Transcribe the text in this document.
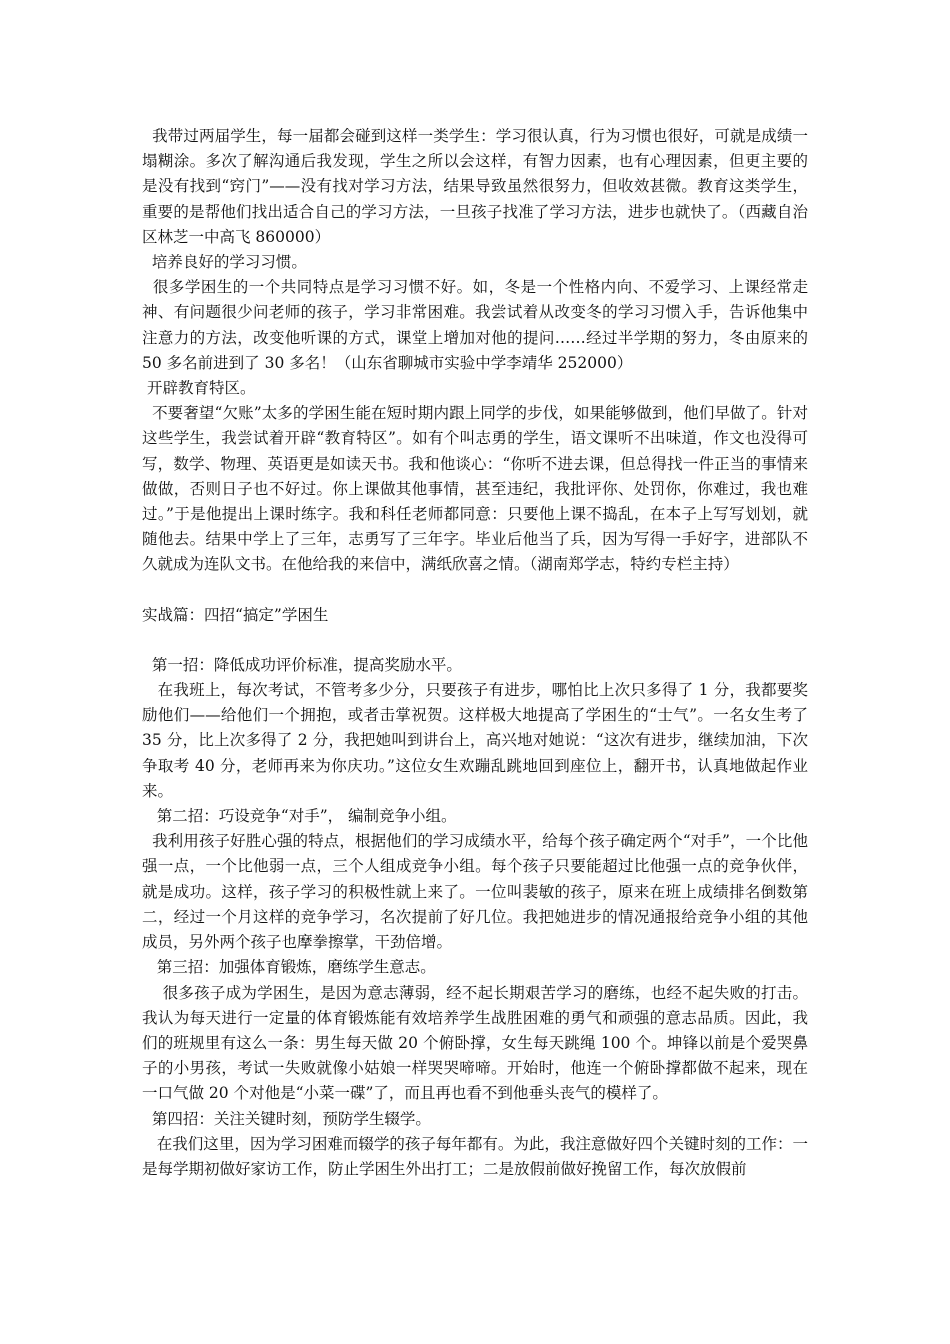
我带过两届学生，每一届都会碰到这样一类学生：学习很认真，行为习惯也很好，可就是成绩一塌糊涂。多次了解沟通后我发现，学生之所以会这样，有智力因素，也有心理因素，但更主要的是没有找到“窍门”——没有找对学习方法，结果导致虽然很努力，但收效甚微。教育这类学生，重要的是帮他们找出适合自己的学习方法，一旦孩子找准了学习方法，进步也就快了。（西藏自治区林芝一中高飞 860000）

培养良好的学习习惯。

很多学困生的一个共同特点是学习习惯不好。如，冬是一个性格内向、不爱学习、上课经常走神、有问题很少问老师的孩子，学习非常困难。我尝试着从改变冬的学习习惯入手，告诉他集中注意力的方法，改变他听课的方式，课堂上增加对他的提问……经过半学期的努力，冬由原来的 50 多名前进到了 30 多名！（山东省聊城市实验中学李靖华 252000）

开辟教育特区。

不要奢望“欠账”太多的学困生能在短时期内跟上同学的步伐，如果能够做到，他们早做了。针对这些学生，我尝试着开辟“教育特区”。如有个叫志勇的学生，语文课听不出味道，作文也没得可写，数学、物理、英语更是如读天书。我和他谈心：“你听不进去课，但总得找一件正当的事情来做做，否则日子也不好过。你上课做其他事情，甚至违纪，我批评你、处罚你，你难过，我也难过。”于是他提出上课时练字。我和科任老师都同意：只要他上课不捣乱，在本子上写写划划，就随他去。结果中学上了三年，志勇写了三年字。毕业后他当了兵，因为写得一手好字，进部队不久就成为连队文书。在他给我的来信中，满纸欣喜之情。（湖南郑学志，特约专栏主持）

实战篇：四招“搞定”学困生

第一招：降低成功评价标准，提高奖励水平。

在我班上，每次考试，不管考多少分，只要孩子有进步，哪怕比上次只多得了 1 分，我都要奖励他们——给他们一个拥抱，或者击掌祝贺。这样极大地提高了学困生的“士气”。一名女生考了 35 分，比上次多得了 2 分，我把她叫到讲台上，高兴地对她说：“这次有进步，继续加油，下次争取考 40 分，老师再来为你庆功。”这位女生欢蹦乱跳地回到座位上，翻开书，认真地做起作业来。

第二招：巧设竞争“对手”， 编制竞争小组。

我利用孩子好胜心强的特点，根据他们的学习成绩水平，给每个孩子确定两个“对手”，一个比他强一点，一个比他弱一点，三个人组成竞争小组。每个孩子只要能超过比他强一点的竞争伙伴，就是成功。这样，孩子学习的积极性就上来了。一位叫裴敏的孩子，原来在班上成绩排名倒数第二，经过一个月这样的竞争学习，名次提前了好几位。我把她进步的情况通报给竞争小组的其他成员，另外两个孩子也摩拳擦掌，干劲倍增。

第三招：加强体育锻炼，磨练学生意志。

很多孩子成为学困生，是因为意志薄弱，经不起长期艰苦学习的磨练，也经不起失败的打击。我认为每天进行一定量的体育锻炼能有效培养学生战胜困难的勇气和顽强的意志品质。因此，我们的班规里有这么一条：男生每天做 20 个俯卧撑，女生每天跳绳 100 个。坤锋以前是个爱哭鼻子的小男孩，考试一失败就像小姑娘一样哭哭啼啼。开始时，他连一个俯卧撑都做不起来，现在一口气做 20 个对他是“小菜一碟”了，而且再也看不到他垂头丧气的模样了。

第四招：关注关键时刻，预防学生辍学。

在我们这里，因为学习困难而辍学的孩子每年都有。为此，我注意做好四个关键时刻的工作：一是每学期初做好家访工作，防止学困生外出打工；二是放假前做好挽留工作，每次放假前
